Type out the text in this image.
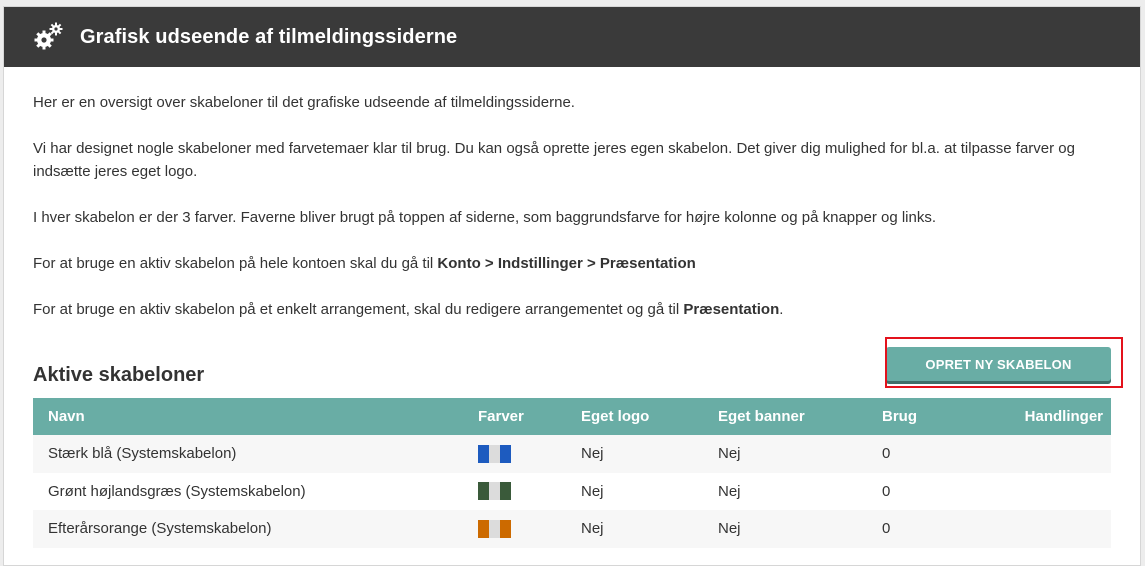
Grafisk udseende af tilmeldingssiderne

Her er en oversigt over skabeloner til det grafiske udseende af tilmeldingssiderne.

Vi har designet nogle skabeloner med farvetemaer klar til brug. Du kan også oprette jeres egen skabelon. Det giver dig mulighed for bl.a. at tilpasse farver og indsætte jeres eget logo.

I hver skabelon er der 3 farver. Faverne bliver brugt på toppen af siderne, som baggrundsfarve for højre kolonne og på knapper og links.

For at bruge en aktiv skabelon på hele kontoen skal du gå til Konto > Indstillinger > Præsentation

For at bruge en aktiv skabelon på et enkelt arrangement, skal du redigere arrangementet og gå til Præsentation.

Aktive skabeloner	OPRET NY SKABELON
Navn	Farver	Eget logo	Eget banner	Brug	Handlinger
Stærk blå (Systemskabelon)		Nej	Nej	0	
Grønt højlandsgræs (Systemskabelon)		Nej	Nej	0	
Efterårsorange (Systemskabelon)		Nej	Nej	0	
